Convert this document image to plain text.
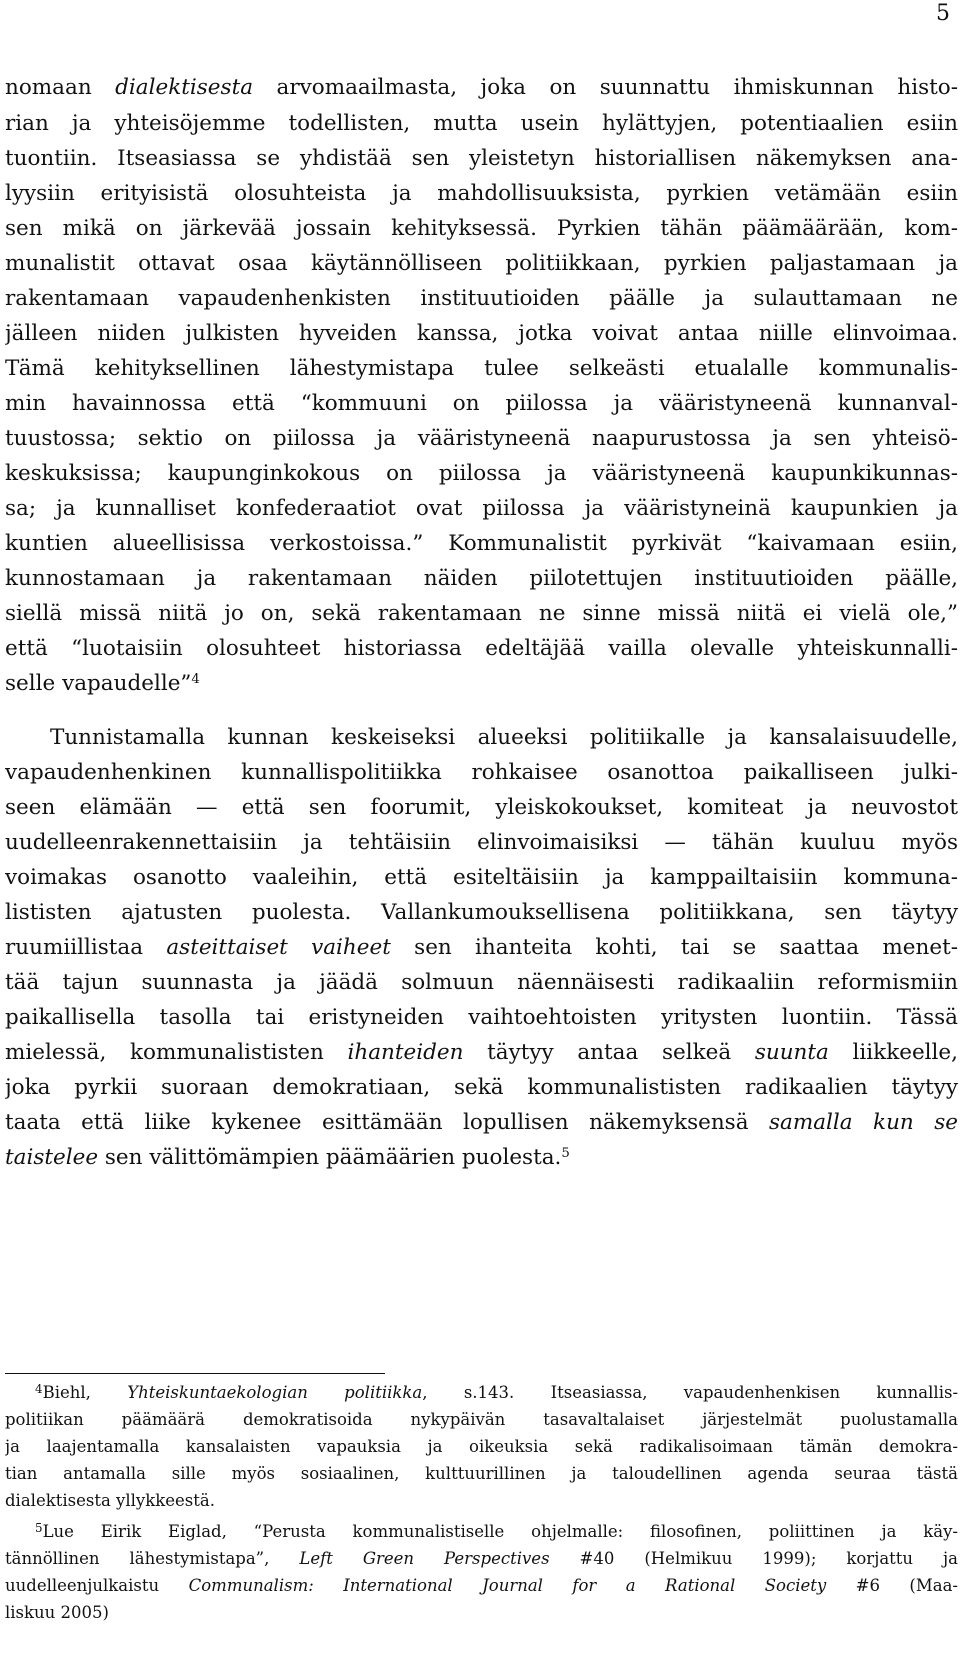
5
nomaan dialektisesta arvomaailmasta, joka on suunnattu ihmiskunnan histo-
rian ja yhteisöjemme todellisten, mutta usein hylättyjen, potentiaalien esiin
tuontiin. Itseasiassa se yhdistää sen yleistetyn historiallisen näkemyksen ana-
lyysiin erityisistä olosuhteista ja mahdollisuuksista, pyrkien vetämään esiin
sen mikä on järkevää jossain kehityksessä. Pyrkien tähän päämäärään, kom-
munalistit ottavat osaa käytännölliseen politiikkaan, pyrkien paljastamaan ja
rakentamaan vapaudenhenkisten instituutioiden päälle ja sulauttamaan ne
jälleen niiden julkisten hyveiden kanssa, jotka voivat antaa niille elinvoimaa.
Tämä kehityksellinen lähestymistapa tulee selkeästi etualalle kommunalis-
min havainnossa että “kommuuni on piilossa ja vääristyneenä kunnanval-
tuustossa; sektio on piilossa ja vääristyneenä naapurustossa ja sen yhteisö-
keskuksissa; kaupunginkokous on piilossa ja vääristyneenä kaupunkikunnas-
sa; ja kunnalliset konfederaatiot ovat piilossa ja vääristyneinä kaupunkien ja
kuntien alueellisissa verkostoissa.” Kommunalistit pyrkivät “kaivamaan esiin,
kunnostamaan ja rakentamaan näiden piilotettujen instituutioiden päälle,
siellä missä niitä jo on, sekä rakentamaan ne sinne missä niitä ei vielä ole,”
että “luotaisiin olosuhteet historiassa edeltäjää vailla olevalle yhteiskunnalli-
selle vapaudelle”$^4$
Tunnistamalla kunnan keskeiseksi alueeksi politiikalle ja kansalaisuudelle,
vapaudenhenkinen kunnallispolitiikka rohkaisee osanottoa paikalliseen julki-
seen elämään — että sen foorumit, yleiskokoukset, komiteat ja neuvostot
uudelleenrakennettaisiin ja tehtäisiin elinvoimaisiksi — tähän kuuluu myös
voimakas osanotto vaaleihin, että esiteltäisiin ja kamppailtaisiin kommuna-
lististen ajatusten puolesta. Vallankumouksellisena politiikkana, sen täytyy
ruumiillistaa asteittaiset vaiheet sen ihanteita kohti, tai se saattaa menet-
tää tajun suunnasta ja jäädä solmuun näennäisesti radikaaliin reformismiin
paikallisella tasolla tai eristyneiden vaihtoehtoisten yritysten luontiin. Tässä
mielessä, kommunalististen ihanteiden täytyy antaa selkeä suunta liikkeelle,
joka pyrkii suoraan demokratiaan, sekä kommunalististen radikaalien täytyy
taata että liike kykenee esittämään lopullisen näkemyksensä samalla kun se
taistelee sen välittömämpien päämäärien puolesta.$^5$
$^4$Biehl, Yhteiskuntaekologian politiikka, s.143. Itseasiassa, vapaudenhenkisen kunnallis-
politiikan päämäärä demokratisoida nykypäivän tasavaltalaiset järjestelmät puolustamalla
ja laajentamalla kansalaisten vapauksia ja oikeuksia sekä radikalisoimaan tämän demokra-
tian antamalla sille myös sosiaalinen, kulttuurillinen ja taloudellinen agenda seuraa tästä
dialektisesta yllykkeestä.
$^5$Lue Eirik Eiglad, “Perusta kommunalistiselle ohjelmalle: filosofinen, poliittinen ja käy-
tännöllinen lähestymistapa”, Left Green Perspectives #40 (Helmikuu 1999); korjattu ja
uudelleenjulkaistu Communalism: International Journal for a Rational Society #6 (Maa-
liskuu 2005)
